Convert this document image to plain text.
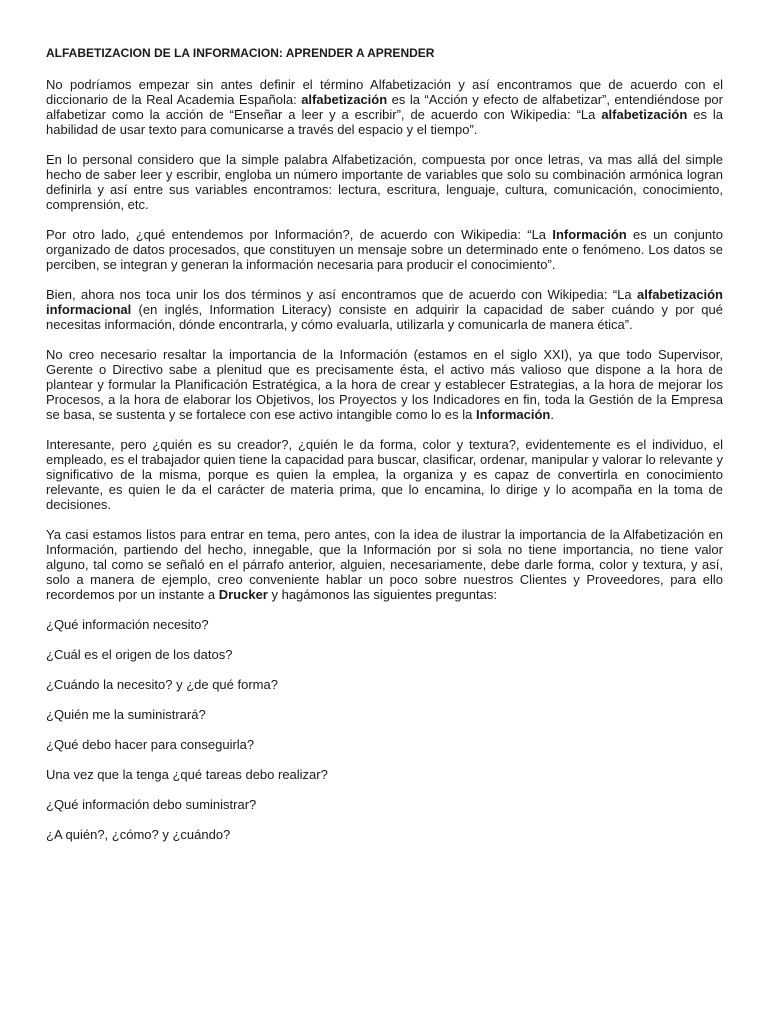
ALFABETIZACION DE LA INFORMACION: APRENDER A APRENDER

No podríamos empezar sin antes definir el término Alfabetización y así encontramos que de acuerdo con el diccionario de la Real Academia Española: alfabetización es la “Acción y efecto de alfabetizar”, entendiéndose por alfabetizar como la acción de “Enseñar a leer y a escribir”, de acuerdo con Wikipedia: “La alfabetización es la habilidad de usar texto para comunicarse a través del espacio y el tiempo”.

En lo personal considero que la simple palabra Alfabetización, compuesta por once letras, va mas allá del simple hecho de saber leer y escribir, engloba un número importante de variables que solo su combinación armónica logran definirla y así entre sus variables encontramos: lectura, escritura, lenguaje, cultura, comunicación, conocimiento, comprensión, etc.

Por otro lado, ¿qué entendemos por Información?, de acuerdo con Wikipedia: “La Información es un conjunto organizado de datos procesados, que constituyen un mensaje sobre un determinado ente o fenómeno. Los datos se perciben, se integran y generan la información necesaria para producir el conocimiento”.

Bien, ahora nos toca unir los dos términos y así encontramos que de acuerdo con Wikipedia: “La alfabetización informacional (en inglés, Information Literacy) consiste en adquirir la capacidad de saber cuándo y por qué necesitas información, dónde encontrarla, y cómo evaluarla, utilizarla y comunicarla de manera ética”.

No creo necesario resaltar la importancia de la Información (estamos en el siglo XXI), ya que todo Supervisor, Gerente o Directivo sabe a plenitud que es precisamente ésta, el activo más valioso que dispone a la hora de plantear y formular la Planificación Estratégica, a la hora de crear y establecer Estrategias, a la hora de mejorar los Procesos, a la hora de elaborar los Objetivos, los Proyectos y los Indicadores en fin, toda la Gestión de la Empresa se basa, se sustenta y se fortalece con ese activo intangible como lo es la Información.

Interesante, pero ¿quién es su creador?, ¿quién le da forma, color y textura?, evidentemente es el individuo, el empleado, es el trabajador quien tiene la capacidad para buscar, clasificar, ordenar, manipular y valorar lo relevante y significativo de la misma, porque es quien la emplea, la organiza y es capaz de convertirla en conocimiento relevante, es quien le da el carácter de materia prima, que lo encamina, lo dirige y lo acompaña en la toma de decisiones.

Ya casi estamos listos para entrar en tema, pero antes, con la idea de ilustrar la importancia de la Alfabetización en Información, partiendo del hecho, innegable, que la Información por si sola no tiene importancia, no tiene valor alguno, tal como se señaló en el párrafo anterior, alguien, necesariamente, debe darle forma, color y textura, y así, solo a manera de ejemplo, creo conveniente hablar un poco sobre nuestros Clientes y Proveedores, para ello recordemos por un instante a Drucker y hagámonos las siguientes preguntas:

¿Qué información necesito?
¿Cuál es el origen de los datos?
¿Cuándo la necesito? y ¿de qué forma?
¿Quién me la suministrará?
¿Qué debo hacer para conseguirla?
Una vez que la tenga ¿qué tareas debo realizar?
¿Qué información debo suministrar?
¿A quién?, ¿cómo? y ¿cuándo?
